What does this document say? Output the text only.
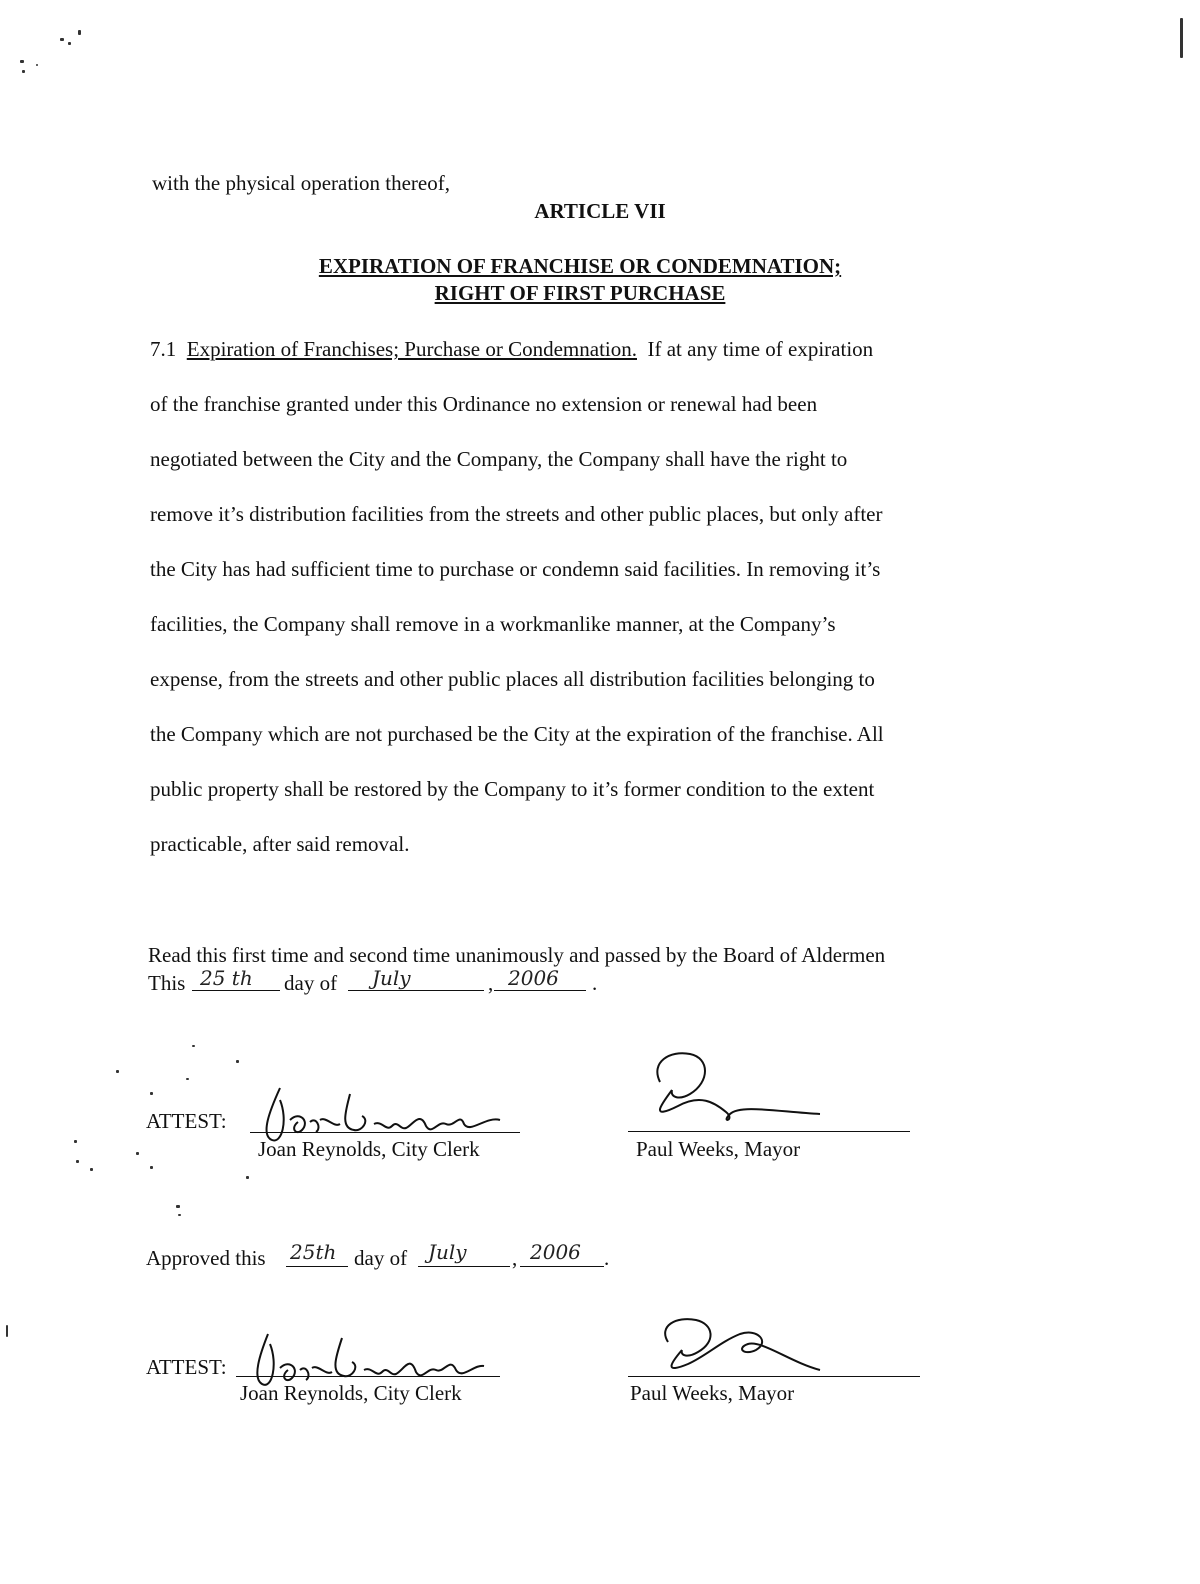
with the physical operation thereof,
ARTICLE VII
EXPIRATION OF FRANCHISE OR CONDEMNATION;
RIGHT OF FIRST PURCHASE
7.1 Expiration of Franchises; Purchase or Condemnation. If at any time of expiration
of the franchise granted under this Ordinance no extension or renewal had been
negotiated between the City and the Company, the Company shall have the right to
remove it’s distribution facilities from the streets and other public places, but only after
the City has had sufficient time to purchase or condemn said facilities. In removing it’s
facilities, the Company shall remove in a workmanlike manner, at the Company’s
expense, from the streets and other public places all distribution facilities belonging to
the Company which are not purchased be the City at the expiration of the franchise. All
public property shall be restored by the Company to it’s former condition to the extent
practicable, after said removal.
Read this first time and second time unanimously and passed by the Board of Aldermen
This 25 th day of July	, 2006 .
ATTEST:
Joan Reynolds, City Clerk	Paul Weeks, Mayor
Approved this 25th day of July , 2006 .
ATTEST:
Joan Reynolds, City Clerk	Paul Weeks, Mayor
